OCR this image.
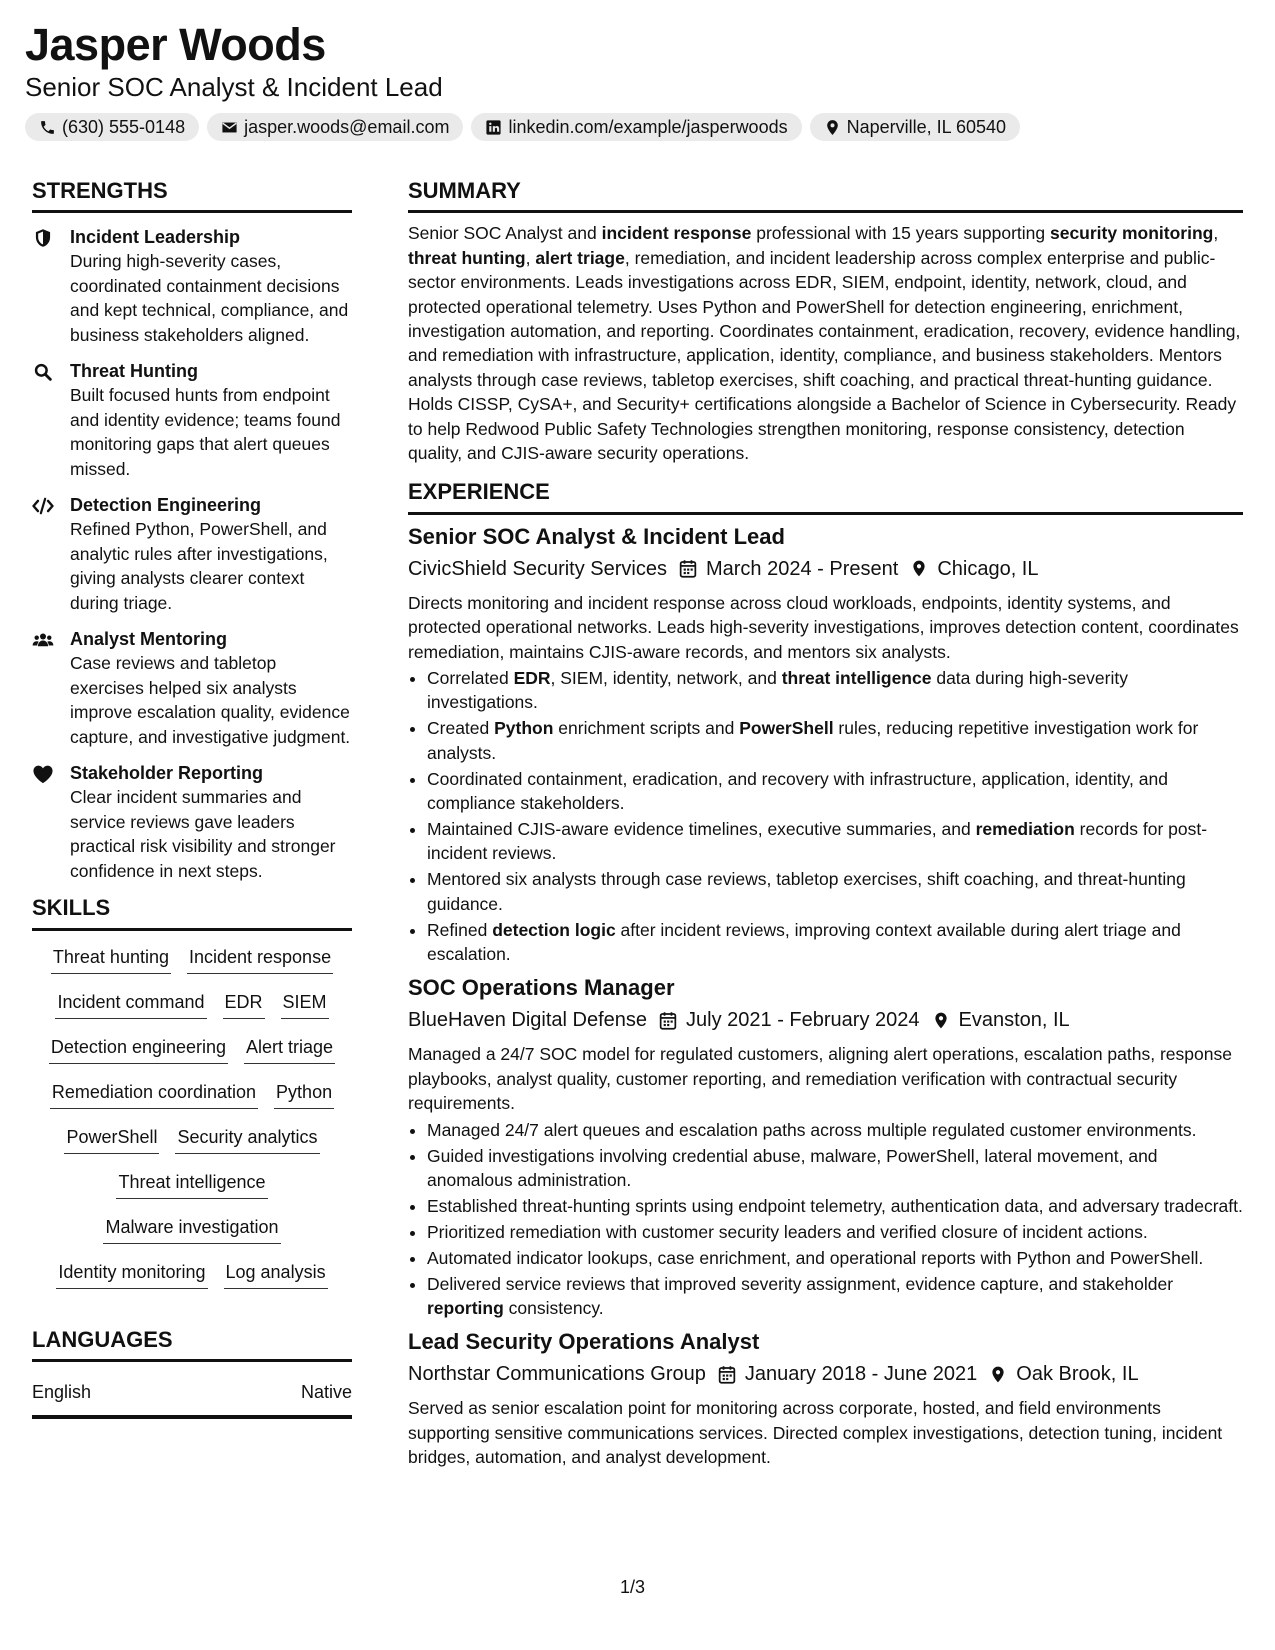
Jasper Woods
Senior SOC Analyst & Incident Lead
(630) 555-0148	jasper.woods@email.com	linkedin.com/example/jasperwoods	Naperville, IL 60540
STRENGTHS
Incident Leadership
During high-severity cases, coordinated containment decisions and kept technical, compliance, and business stakeholders aligned.
Threat Hunting
Built focused hunts from endpoint and identity evidence; teams found monitoring gaps that alert queues missed.
Detection Engineering
Refined Python, PowerShell, and analytic rules after investigations, giving analysts clearer context during triage.
Analyst Mentoring
Case reviews and tabletop exercises helped six analysts improve escalation quality, evidence capture, and investigative judgment.
Stakeholder Reporting
Clear incident summaries and service reviews gave leaders practical risk visibility and stronger confidence in next steps.
SKILLS
Threat hunting Incident response
Incident command EDR SIEM
Detection engineering Alert triage
Remediation coordination Python
PowerShell Security analytics
Threat intelligence
Malware investigation
Identity monitoring Log analysis
LANGUAGES
English	Native
SUMMARY
Senior SOC Analyst and incident response professional with 15 years supporting security monitoring, threat hunting, alert triage, remediation, and incident leadership across complex enterprise and public-sector environments. Leads investigations across EDR, SIEM, endpoint, identity, network, cloud, and protected operational telemetry. Uses Python and PowerShell for detection engineering, enrichment, investigation automation, and reporting. Coordinates containment, eradication, recovery, evidence handling, and remediation with infrastructure, application, identity, compliance, and business stakeholders. Mentors analysts through case reviews, tabletop exercises, shift coaching, and practical threat-hunting guidance. Holds CISSP, CySA+, and Security+ certifications alongside a Bachelor of Science in Cybersecurity. Ready to help Redwood Public Safety Technologies strengthen monitoring, response consistency, detection quality, and CJIS-aware security operations.
EXPERIENCE
Senior SOC Analyst & Incident Lead
CivicShield Security Services March 2024 - Present Chicago, IL
Directs monitoring and incident response across cloud workloads, endpoints, identity systems, and protected operational networks. Leads high-severity investigations, improves detection content, coordinates remediation, maintains CJIS-aware records, and mentors six analysts.
• Correlated EDR, SIEM, identity, network, and threat intelligence data during high-severity investigations.
• Created Python enrichment scripts and PowerShell rules, reducing repetitive investigation work for analysts.
• Coordinated containment, eradication, and recovery with infrastructure, application, identity, and compliance stakeholders.
• Maintained CJIS-aware evidence timelines, executive summaries, and remediation records for post-incident reviews.
• Mentored six analysts through case reviews, tabletop exercises, shift coaching, and threat-hunting guidance.
• Refined detection logic after incident reviews, improving context available during alert triage and escalation.
SOC Operations Manager
BlueHaven Digital Defense July 2021 - February 2024 Evanston, IL
Managed a 24/7 SOC model for regulated customers, aligning alert operations, escalation paths, response playbooks, analyst quality, customer reporting, and remediation verification with contractual security requirements.
• Managed 24/7 alert queues and escalation paths across multiple regulated customer environments.
• Guided investigations involving credential abuse, malware, PowerShell, lateral movement, and anomalous administration.
• Established threat-hunting sprints using endpoint telemetry, authentication data, and adversary tradecraft.
• Prioritized remediation with customer security leaders and verified closure of incident actions.
• Automated indicator lookups, case enrichment, and operational reports with Python and PowerShell.
• Delivered service reviews that improved severity assignment, evidence capture, and stakeholder reporting consistency.
Lead Security Operations Analyst
Northstar Communications Group January 2018 - June 2021 Oak Brook, IL
Served as senior escalation point for monitoring across corporate, hosted, and field environments supporting sensitive communications services. Directed complex investigations, detection tuning, incident bridges, automation, and analyst development.
1/3
